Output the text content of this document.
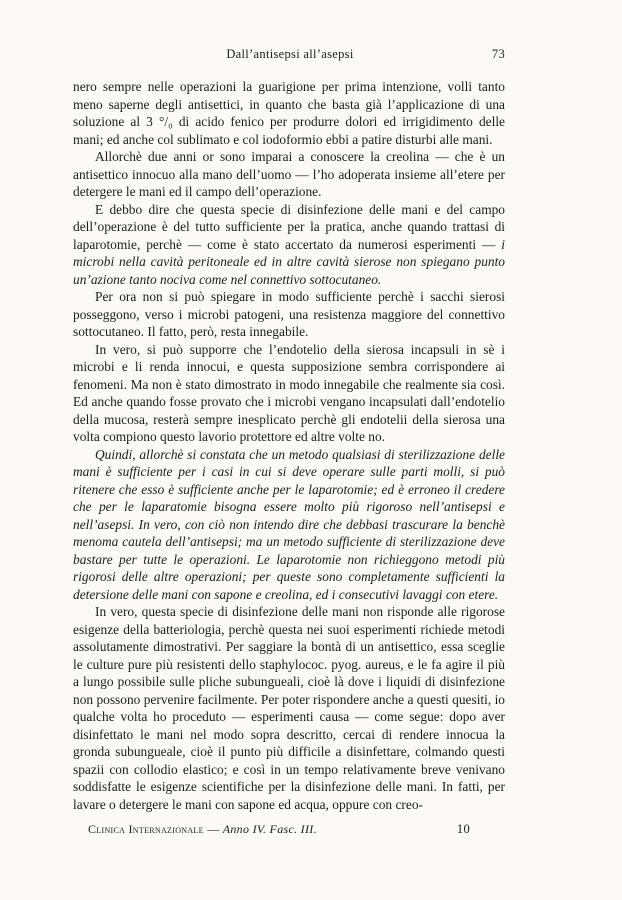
Dall’antisepsi all’asepsi	73

nero sempre nelle operazioni la guarigione per prima intenzione, volli tanto meno saperne degli antisettici, in quanto che basta già l’applicazione di una soluzione al 3 °/₀ di acido fenico per produrre dolori ed irrigidimento delle mani; ed anche col sublimato e col iodoformio ebbi a patire disturbi alle mani.

Allorchè due anni or sono imparai a conoscere la creolina — che è un antisettico innocuo alla mano dell’uomo — l’ho adoperata insieme all’etere per detergere le mani ed il campo dell’operazione.

E debbo dire che questa specie di disinfezione delle mani e del campo dell’operazione è del tutto sufficiente per la pratica, anche quando trattasi di laparotomie, perchè — come è stato accertato da numerosi esperimenti — i microbi nella cavità peritoneale ed in altre cavità sierose non spiegano punto un’azione tanto nociva come nel connettivo sottocutaneo.

Per ora non si può spiegare in modo sufficiente perchè i sacchi sierosi posseggono, verso i microbi patogeni, una resistenza maggiore del connettivo sottocutaneo. Il fatto, però, resta innegabile.

In vero, si può supporre che l’endotelio della sierosa incapsuli in sè i microbi e li renda innocui, e questa supposizione sembra corrispondere ai fenomeni. Ma non è stato dimostrato in modo innegabile che realmente sia così. Ed anche quando fosse provato che i microbi vengano incapsulati dall’endotelio della mucosa, resterà sempre inesplicato perchè gli endotelii della sierosa una volta compiono questo lavorio protettore ed altre volte no.

Quindi, allorchè si constata che un metodo qualsiasi di sterilizzazione delle mani è sufficiente per i casi in cui si deve operare sulle parti molli, si può ritenere che esso è sufficiente anche per le laparotomie; ed è erroneo il credere che per le laparatomie bisogna essere molto più rigoroso nell’antisepsi e nell’asepsi. In vero, con ciò non intendo dire che debbasi trascurare la benchè menoma cautela dell’antisepsi; ma un metodo sufficiente di sterilizzazione deve bastare per tutte le operazioni. Le laparotomie non richieggono metodi più rigorosi delle altre operazioni; per queste sono completamente sufficienti la detersione delle mani con sapone e creolina, ed i consecutivi lavaggi con etere.

In vero, questa specie di disinfezione delle mani non risponde alle rigorose esigenze della batteriologia, perchè questa nei suoi esperimenti richiede metodi assolutamente dimostrativi. Per saggiare la bontà di un antisettico, essa sceglie le culture pure più resistenti dello staphylococ. pyog. aureus, e le fa agire il più a lungo possibile sulle pliche subungueali, cioè là dove i liquidi di disinfezione non possono pervenire facilmente. Per poter rispondere anche a questi quesiti, io qualche volta ho proceduto — esperimenti causa — come segue: dopo aver disinfettato le mani nel modo sopra descritto, cercai di rendere innocua la gronda subungueale, cioè il punto più difficile a disinfettare, colmando questi spazii con collodio elastico; e così in un tempo relativamente breve venivano soddisfatte le esigenze scientifiche per la disinfezione delle mani. In fatti, per lavare o detergere le mani con sapone ed acqua, oppure con creo-

Clinica Internazionale — Anno IV. Fasc. III.	10
